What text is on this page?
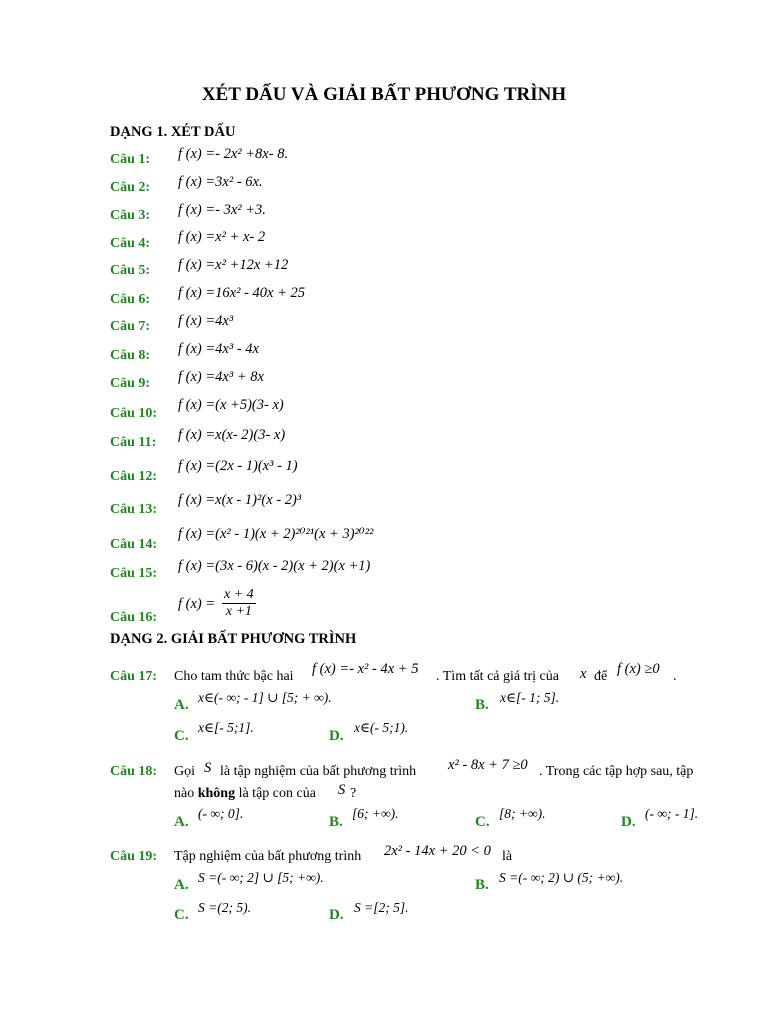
XÉT DẤU VÀ GIẢI BẤT PHƯƠNG TRÌNH
DẠNG 1. XÉT DẤU
Câu 1: f (x) =- 2x² +8x- 8.
Câu 2: f (x) =3x² - 6x.
Câu 3: f (x) =- 3x² +3.
Câu 4: f (x) =x² + x- 2
Câu 5: f (x) =x² +12x +12
Câu 6: f (x) =16x² - 40x + 25
Câu 7: f (x) =4x³
Câu 8: f (x) =4x³ - 4x
Câu 9: f (x) =4x³ + 8x
Câu 10:
f (x) =(x +5)(3- x)
Câu 11: f (x) =x(x- 2)(3- x)
Câu 12:
f (x) =(2x - 1)(x³ - 1)
Câu 13:
f (x) =x(x - 1)²(x - 2)³
Câu 14:
f (x) =(x² - 1)(x + 2)²⁰²¹(x + 3)²⁰²²
Câu 15: f (x) =(3x - 6)(x - 2)(x + 2)(x +1)
Câu 16:
f $(x) = \frac{x + 4}{x +1}$
DẠNG 2. GIẢI BẤT PHƯƠNG TRÌNH
Câu 17: Cho tam thức bậc hai f (x) =- x² - 4x + 5 . Tìm tất cả giá trị của x để f (x) ≥0 .
A. x∈(- ∞; - 1] ∪ [5; + ∞).	B. x∈[- 1; 5].
C.
x∈[- 5;1].
D.
x∈(- 5;1).
Câu 18: Gọi S là tập nghiệm của bất phương trình x² - 8x + 7 ≥0 . Trong các tập hợp sau, tập
nào không là tập con của S ?
A.
(- ∞; 0].
B.
[6; +∞).
C.
[8; +∞).
D.
(- ∞; - 1].
Câu 19: Tập nghiệm của bất phương trình 2x² - 14x + 20 < 0 là
A. S =(- ∞; 2] ∪ [5; +∞).	B. S =(- ∞; 2) ∪ (5; +∞).
C. S =(2; 5).	D. S =[2; 5].
